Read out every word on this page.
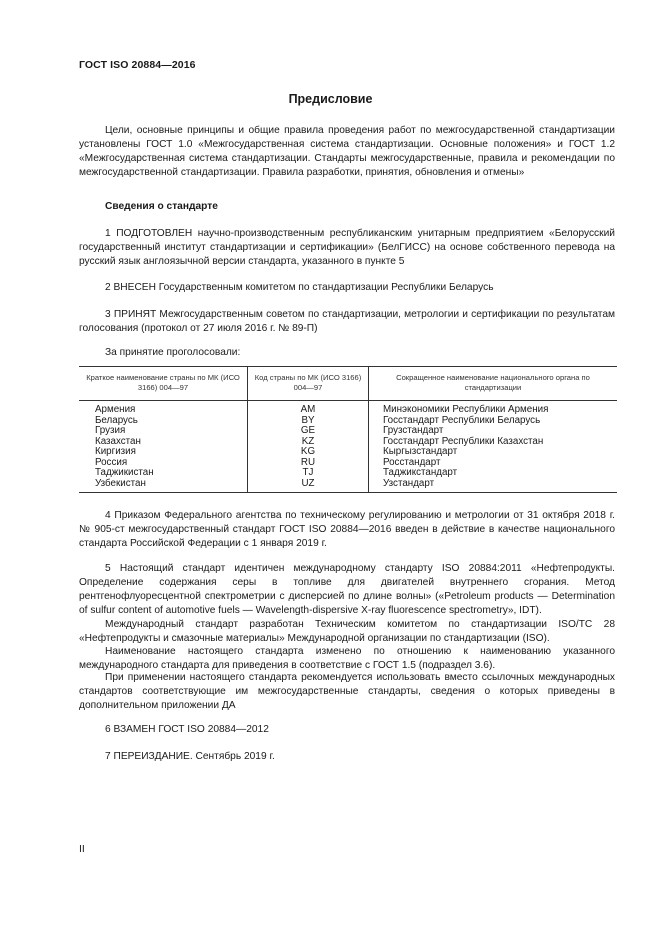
ГОСТ ISO 20884—2016
Предисловие

Цели, основные принципы и общие правила проведения работ по межгосударственной стандартизации установлены ГОСТ 1.0 «Межгосударственная система стандартизации. Основные положения» и ГОСТ 1.2 «Межгосударственная система стандартизации. Стандарты межгосударственные, правила и рекомендации по межгосударственной стандартизации. Правила разработки, принятия, обновления и отмены»

Сведения о стандарте

1 ПОДГОТОВЛЕН научно-производственным республиканским унитарным предприятием «Белорусский государственный институт стандартизации и сертификации» (БелГИСС) на основе собственного перевода на русский язык англоязычной версии стандарта, указанного в пункте 5

2 ВНЕСЕН Государственным комитетом по стандартизации Республики Беларусь

3 ПРИНЯТ Межгосударственным советом по стандартизации, метрологии и сертификации по результатам голосования (протокол от 27 июля 2016 г. № 89-П)

За принятие проголосовали:
Краткое наименование страны по МК (ИСО 3166) 004—97	Код страны по МК (ИСО 3166) 004—97	Сокращенное наименование национального органа по стандартизации
Армения	AM	Минэкономики Республики Армения
Беларусь	BY	Госстандарт Республики Беларусь
Грузия	GE	Грузстандарт
Казахстан	KZ	Госстандарт Республики Казахстан
Киргизия	KG	Кыргызстандарт
Россия	RU	Росстандарт
Таджикистан	TJ	Таджикстандарт
Узбекистан	UZ	Узстандарт

4 Приказом Федерального агентства по техническому регулированию и метрологии от 31 октября 2018 г. № 905-ст межгосударственный стандарт ГОСТ ISO 20884—2016 введен в действие в качестве национального стандарта Российской Федерации с 1 января 2019 г.

5 Настоящий стандарт идентичен международному стандарту ISO 20884:2011 «Нефтепродукты. Определение содержания серы в топливе для двигателей внутреннего сгорания. Метод рентгенофлуоресцентной спектрометрии с дисперсией по длине волны» («Petroleum products — Determination of sulfur content of automotive fuels — Wavelength-dispersive X-ray fluorescence spectrometry», IDT).

Международный стандарт разработан Техническим комитетом по стандартизации ISO/TC 28 «Нефтепродукты и смазочные материалы» Международной организации по стандартизации (ISO).

Наименование настоящего стандарта изменено по отношению к наименованию указанного международного стандарта для приведения в соответствие с ГОСТ 1.5 (подраздел 3.6).

При применении настоящего стандарта рекомендуется использовать вместо ссылочных международных стандартов соответствующие им межгосударственные стандарты, сведения о которых приведены в дополнительном приложении ДА

6 ВЗАМЕН ГОСТ ISO 20884—2012

7 ПЕРЕИЗДАНИЕ. Сентябрь 2019 г.

II
